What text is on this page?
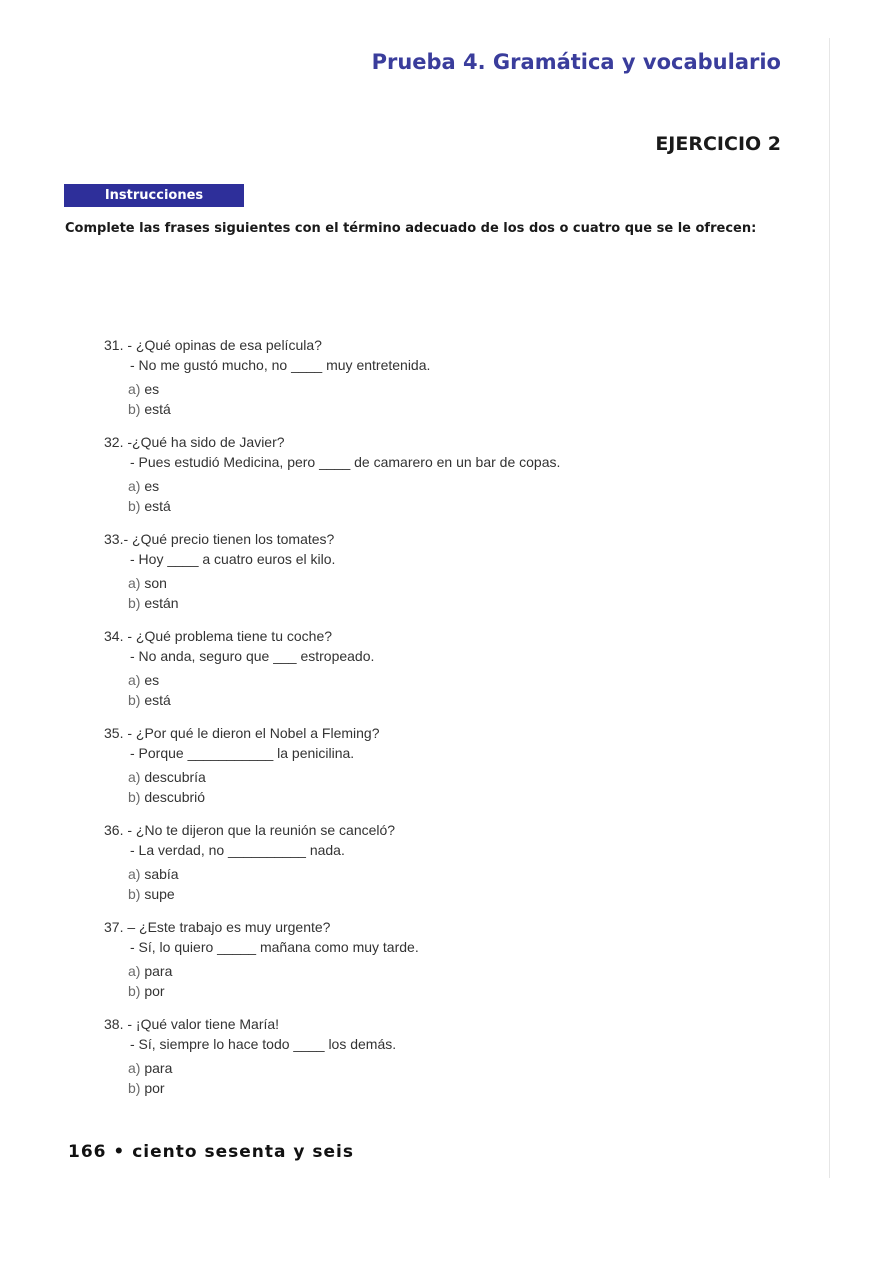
Prueba 4. Gramática y vocabulario
EJERCICIO 2
Instrucciones
Complete las frases siguientes con el término adecuado de los dos o cuatro que se le ofrecen:
31. - ¿Qué opinas de esa película?
- No me gustó mucho, no ____ muy entretenida.
a) es
b) está
32. -¿Qué ha sido de Javier?
- Pues estudió Medicina, pero ____ de camarero en un bar de copas.
a) es
b) está
33.- ¿Qué precio tienen los tomates?
- Hoy ____ a cuatro euros el kilo.
a) son
b) están
34. - ¿Qué problema tiene tu coche?
- No anda, seguro que ___ estropeado.
a) es
b) está
35. - ¿Por qué le dieron el Nobel a Fleming?
- Porque ___________ la penicilina.
a) descubría
b) descubrió
36. - ¿No te dijeron que la reunión se canceló?
- La verdad, no __________ nada.
a) sabía
b) supe
37. – ¿Este trabajo es muy urgente?
- Sí, lo quiero _____ mañana como muy tarde.
a) para
b) por
38. - ¡Qué valor tiene María!
- Sí, siempre lo hace todo ____ los demás.
a) para
b) por
166 • ciento sesenta y seis
